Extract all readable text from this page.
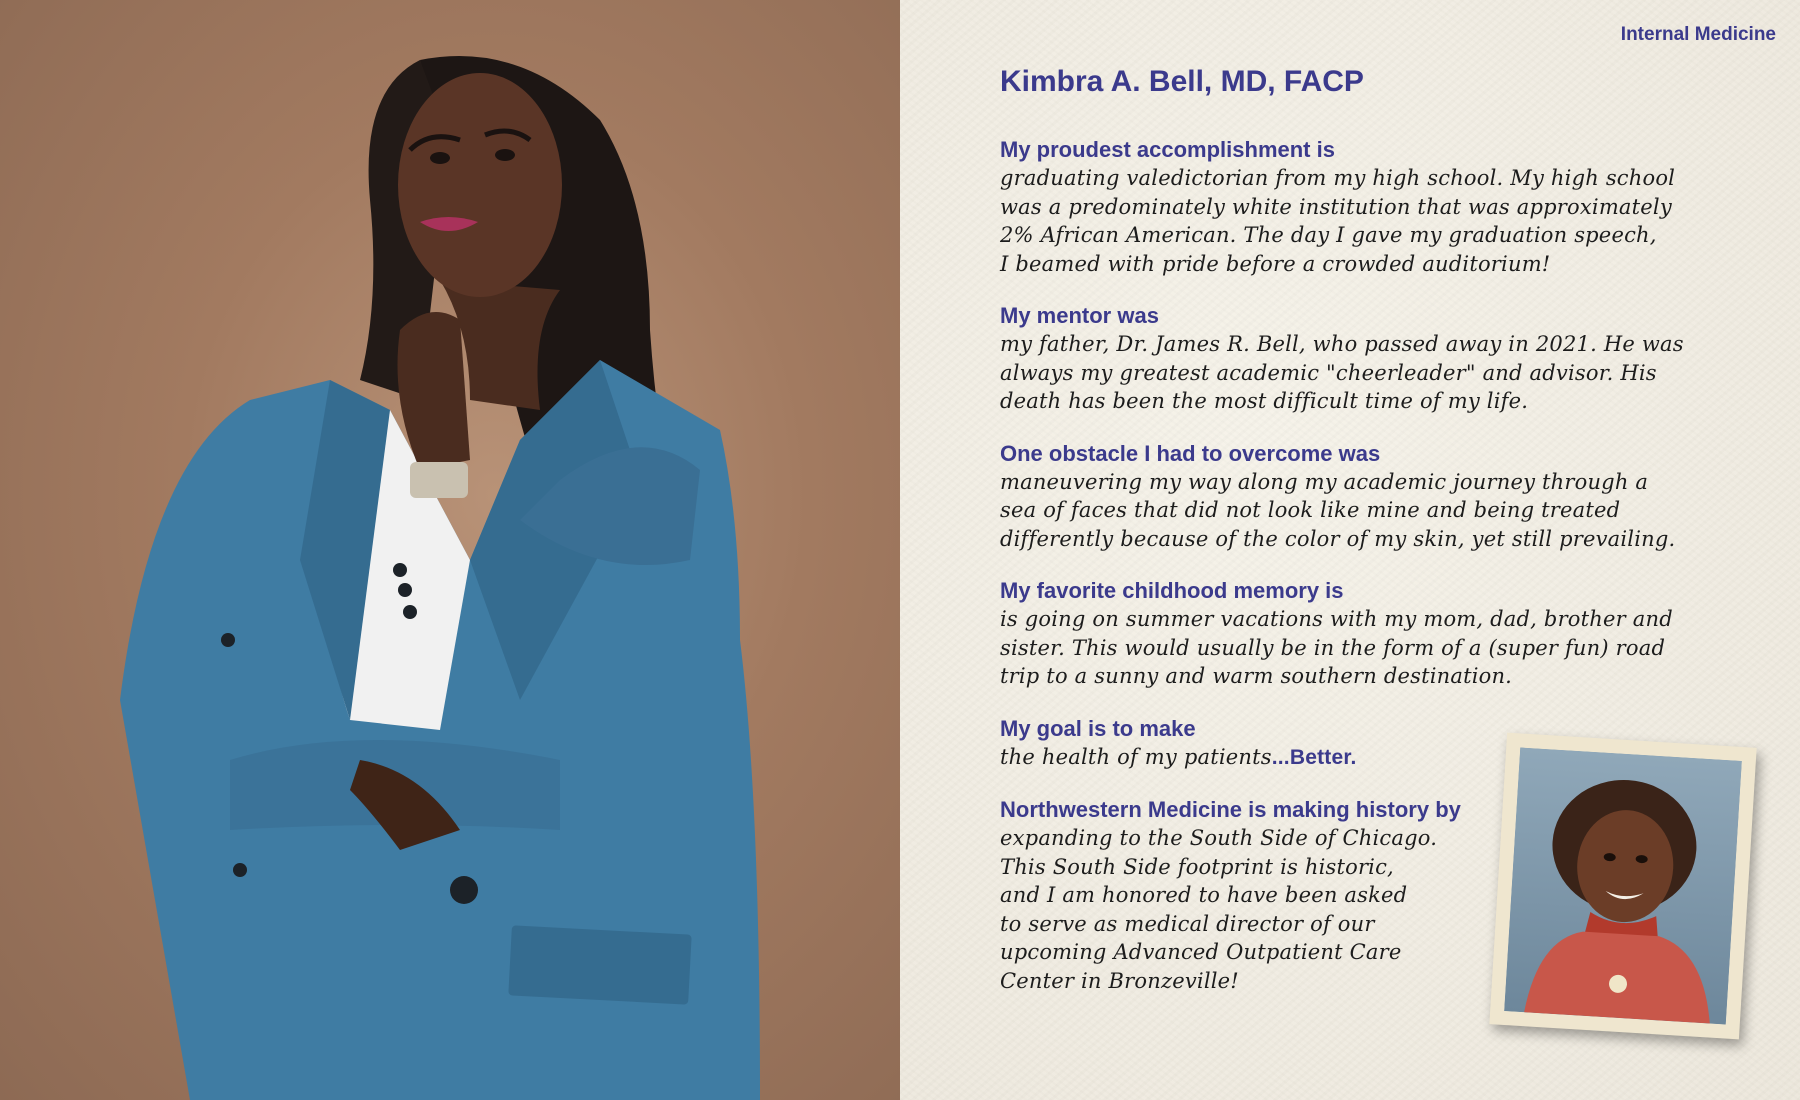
Internal Medicine
Kimbra A. Bell, MD, FACP

My proudest accomplishment is

graduating valedictorian from my high school. My high school
was a predominately white institution that was approximately
2% African American. The day I gave my graduation speech,
I beamed with pride before a crowded auditorium!

My mentor was

my father, Dr. James R. Bell, who passed away in 2021. He was
always my greatest academic "cheerleader" and advisor. His
death has been the most difficult time of my life.

One obstacle I had to overcome was

maneuvering my way along my academic journey through a
sea of faces that did not look like mine and being treated
differently because of the color of my skin, yet still prevailing.

My favorite childhood memory is

is going on summer vacations with my mom, dad, brother and
sister. This would usually be in the form of a (super fun) road
trip to a sunny and warm southern destination.

My goal is to make

the health of my patients...Better.

Northwestern Medicine is making history by

expanding to the South Side of Chicago.
This South Side footprint is historic,
and I am honored to have been asked
to serve as medical director of our
upcoming Advanced Outpatient Care
Center in Bronzeville!
